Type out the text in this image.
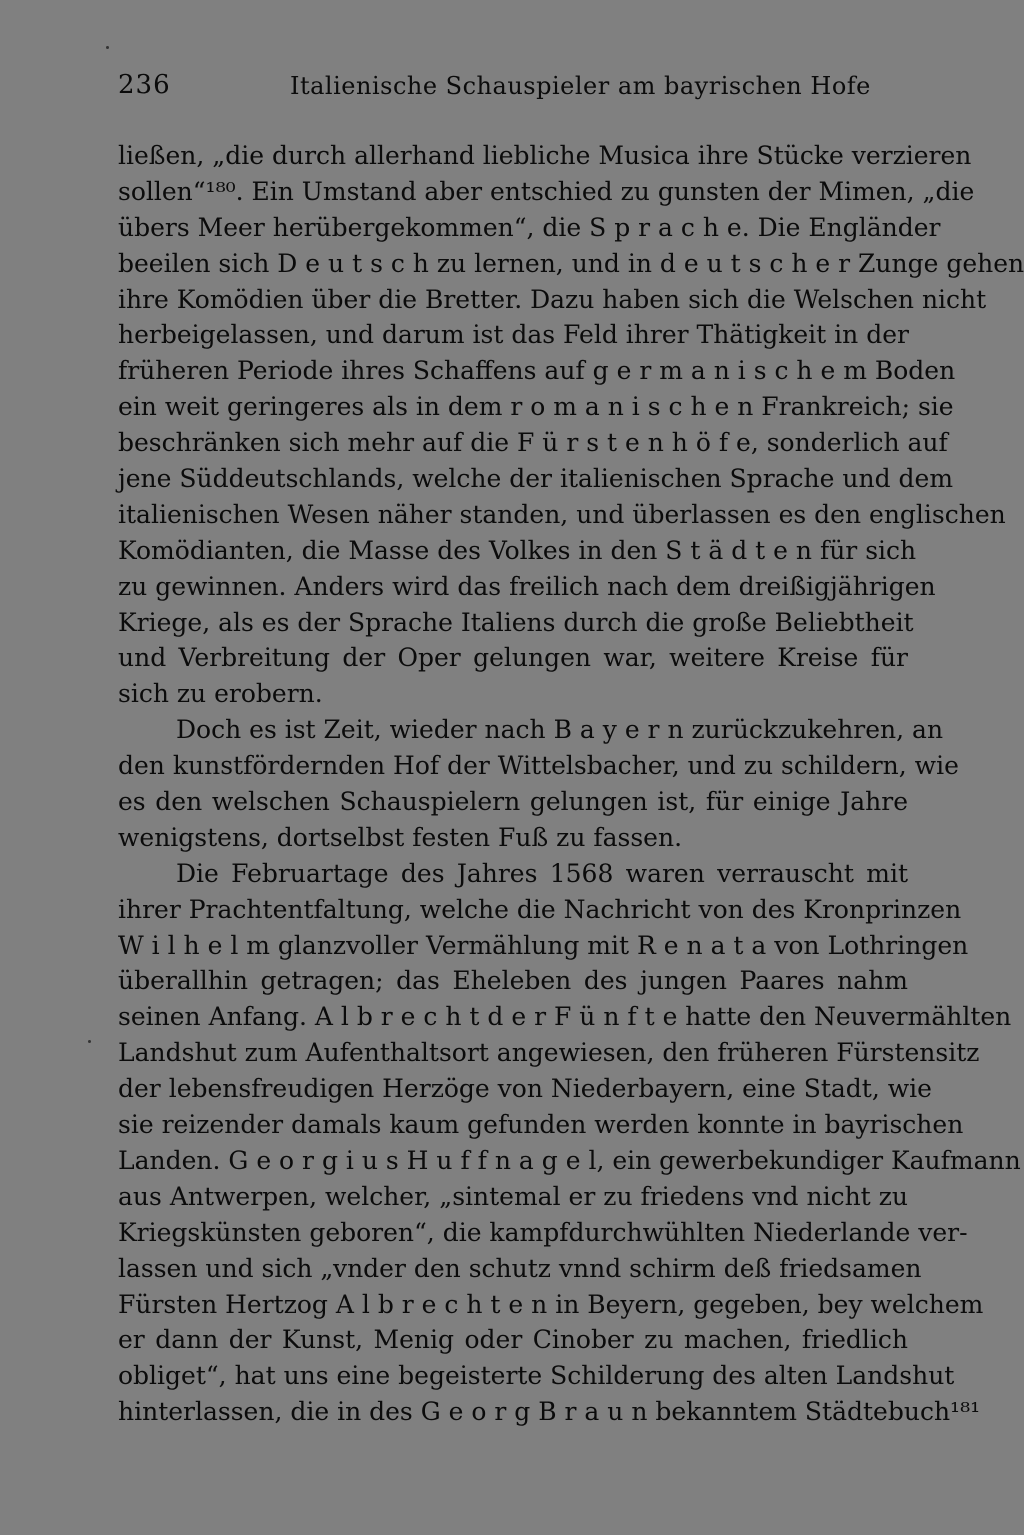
236	Italienische Schauspieler am bayrischen Hofe
ließen, „die durch allerhand liebliche Musica ihre Stücke verzieren
sollen“¹⁸⁰. Ein Umstand aber entschied zu gunsten der Mimen, „die
übers Meer herübergekommen“, die S p r a c h e. Die Engländer
beeilen sich D e u t s c h zu lernen, und in d e u t s c h e r Zunge gehen
ihre Komödien über die Bretter. Dazu haben sich die Welschen nicht
herbeigelassen, und darum ist das Feld ihrer Thätigkeit in der
früheren Periode ihres Schaffens auf g e r m a n i s c h e m Boden
ein weit geringeres als in dem r o m a n i s c h e n Frankreich; sie
beschränken sich mehr auf die F ü r s t e n h ö f e, sonderlich auf
jene Süddeutschlands, welche der italienischen Sprache und dem
italienischen Wesen näher standen, und überlassen es den englischen
Komödianten, die Masse des Volkes in den S t ä d t e n für sich
zu gewinnen. Anders wird das freilich nach dem dreißigjährigen
Kriege, als es der Sprache Italiens durch die große Beliebtheit
und Verbreitung der Oper gelungen war, weitere Kreise für
sich zu erobern.
Doch es ist Zeit, wieder nach B a y e r n zurückzukehren, an
den kunstfördernden Hof der Wittelsbacher, und zu schildern, wie
es den welschen Schauspielern gelungen ist, für einige Jahre
wenigstens, dortselbst festen Fuß zu fassen.
Die Februartage des Jahres 1568 waren verrauscht mit
ihrer Prachtentfaltung, welche die Nachricht von des Kronprinzen
W i l h e l m glanzvoller Vermählung mit R e n a t a von Lothringen
überallhin getragen; das Eheleben des jungen Paares nahm
seinen Anfang. A l b r e c h t d e r F ü n f t e hatte den Neuvermählten
Landshut zum Aufenthaltsort angewiesen, den früheren Fürstensitz
der lebensfreudigen Herzöge von Niederbayern, eine Stadt, wie
sie reizender damals kaum gefunden werden konnte in bayrischen
Landen. G e o r g i u s H u f f n a g e l, ein gewerbekundiger Kaufmann
aus Antwerpen, welcher, „sintemal er zu friedens vnd nicht zu
Kriegskünsten geboren“, die kampfdurchwühlten Niederlande ver-
lassen und sich „vnder den schutz vnnd schirm deß friedsamen
Fürsten Hertzog A l b r e c h t e n in Beyern, gegeben, bey welchem
er dann der Kunst, Menig oder Cinober zu machen, friedlich
obliget“, hat uns eine begeisterte Schilderung des alten Landshut
hinterlassen, die in des G e o r g B r a u n bekanntem Städtebuch¹⁸¹
